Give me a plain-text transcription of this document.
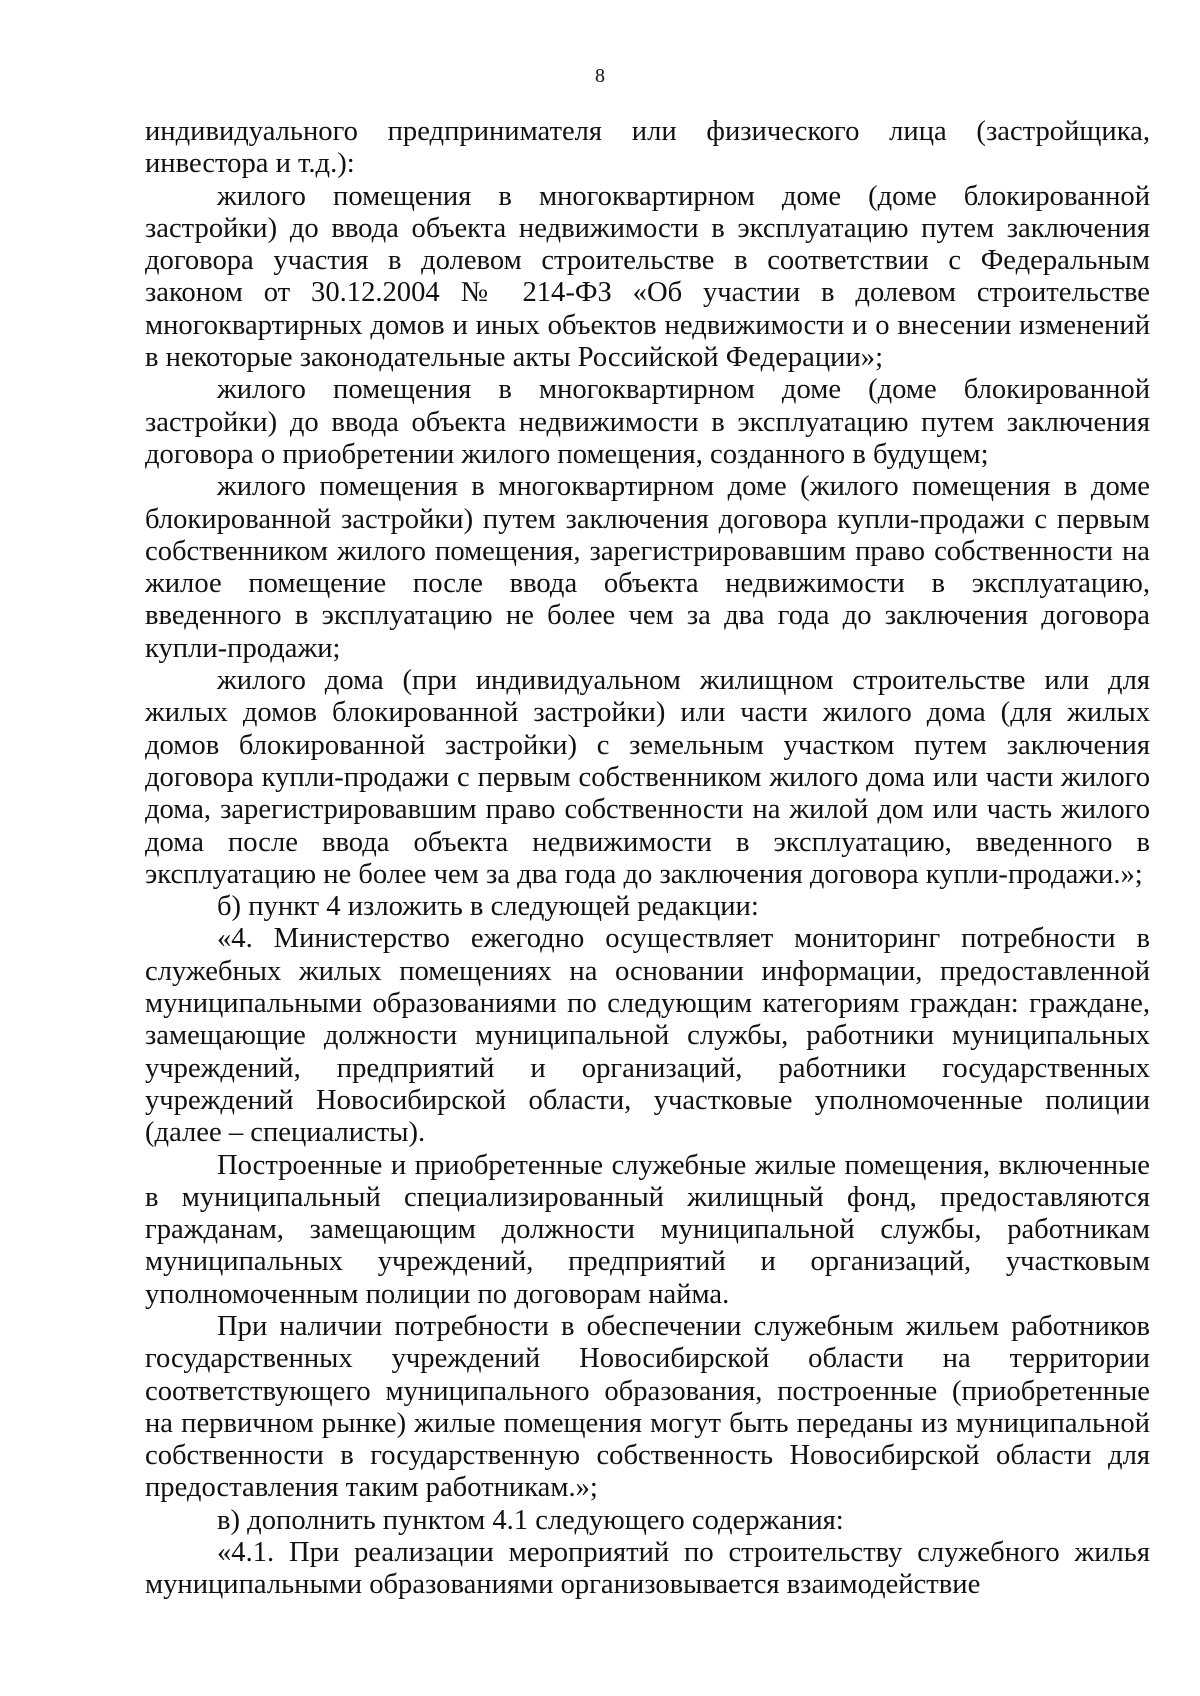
8

индивидуального предпринимателя или физического лица (застройщика, инвестора и т.д.):

жилого помещения в многоквартирном доме (доме блокированной застройки) до ввода объекта недвижимости в эксплуатацию путем заключения договора участия в долевом строительстве в соответствии с Федеральным законом от 30.12.2004 № 214-ФЗ «Об участии в долевом строительстве многоквартирных домов и иных объектов недвижимости и о внесении изменений в некоторые законодательные акты Российской Федерации»;

жилого помещения в многоквартирном доме (доме блокированной застройки) до ввода объекта недвижимости в эксплуатацию путем заключения договора о приобретении жилого помещения, созданного в будущем;

жилого помещения в многоквартирном доме (жилого помещения в доме блокированной застройки) путем заключения договора купли-продажи с первым собственником жилого помещения, зарегистрировавшим право собственности на жилое помещение после ввода объекта недвижимости в эксплуатацию, введенного в эксплуатацию не более чем за два года до заключения договора купли-продажи;

жилого дома (при индивидуальном жилищном строительстве или для жилых домов блокированной застройки) или части жилого дома (для жилых домов блокированной застройки) с земельным участком путем заключения договора купли-продажи с первым собственником жилого дома или части жилого дома, зарегистрировавшим право собственности на жилой дом или часть жилого дома после ввода объекта недвижимости в эксплуатацию, введенного в эксплуатацию не более чем за два года до заключения договора купли-продажи.»;

б) пункт 4 изложить в следующей редакции:

«4. Министерство ежегодно осуществляет мониторинг потребности в служебных жилых помещениях на основании информации, предоставленной муниципальными образованиями по следующим категориям граждан: граждане, замещающие должности муниципальной службы, работники муниципальных учреждений, предприятий и организаций, работники государственных учреждений Новосибирской области, участковые уполномоченные полиции (далее – специалисты).

Построенные и приобретенные служебные жилые помещения, включенные в муниципальный специализированный жилищный фонд, предоставляются гражданам, замещающим должности муниципальной службы, работникам муниципальных учреждений, предприятий и организаций, участковым уполномоченным полиции по договорам найма.

При наличии потребности в обеспечении служебным жильем работников государственных учреждений Новосибирской области на территории соответствующего муниципального образования, построенные (приобретенные на первичном рынке) жилые помещения могут быть переданы из муниципальной собственности в государственную собственность Новосибирской области для предоставления таким работникам.»;

в) дополнить пунктом 4.1 следующего содержания:

«4.1. При реализации мероприятий по строительству служебного жилья муниципальными образованиями организовывается взаимодействие
